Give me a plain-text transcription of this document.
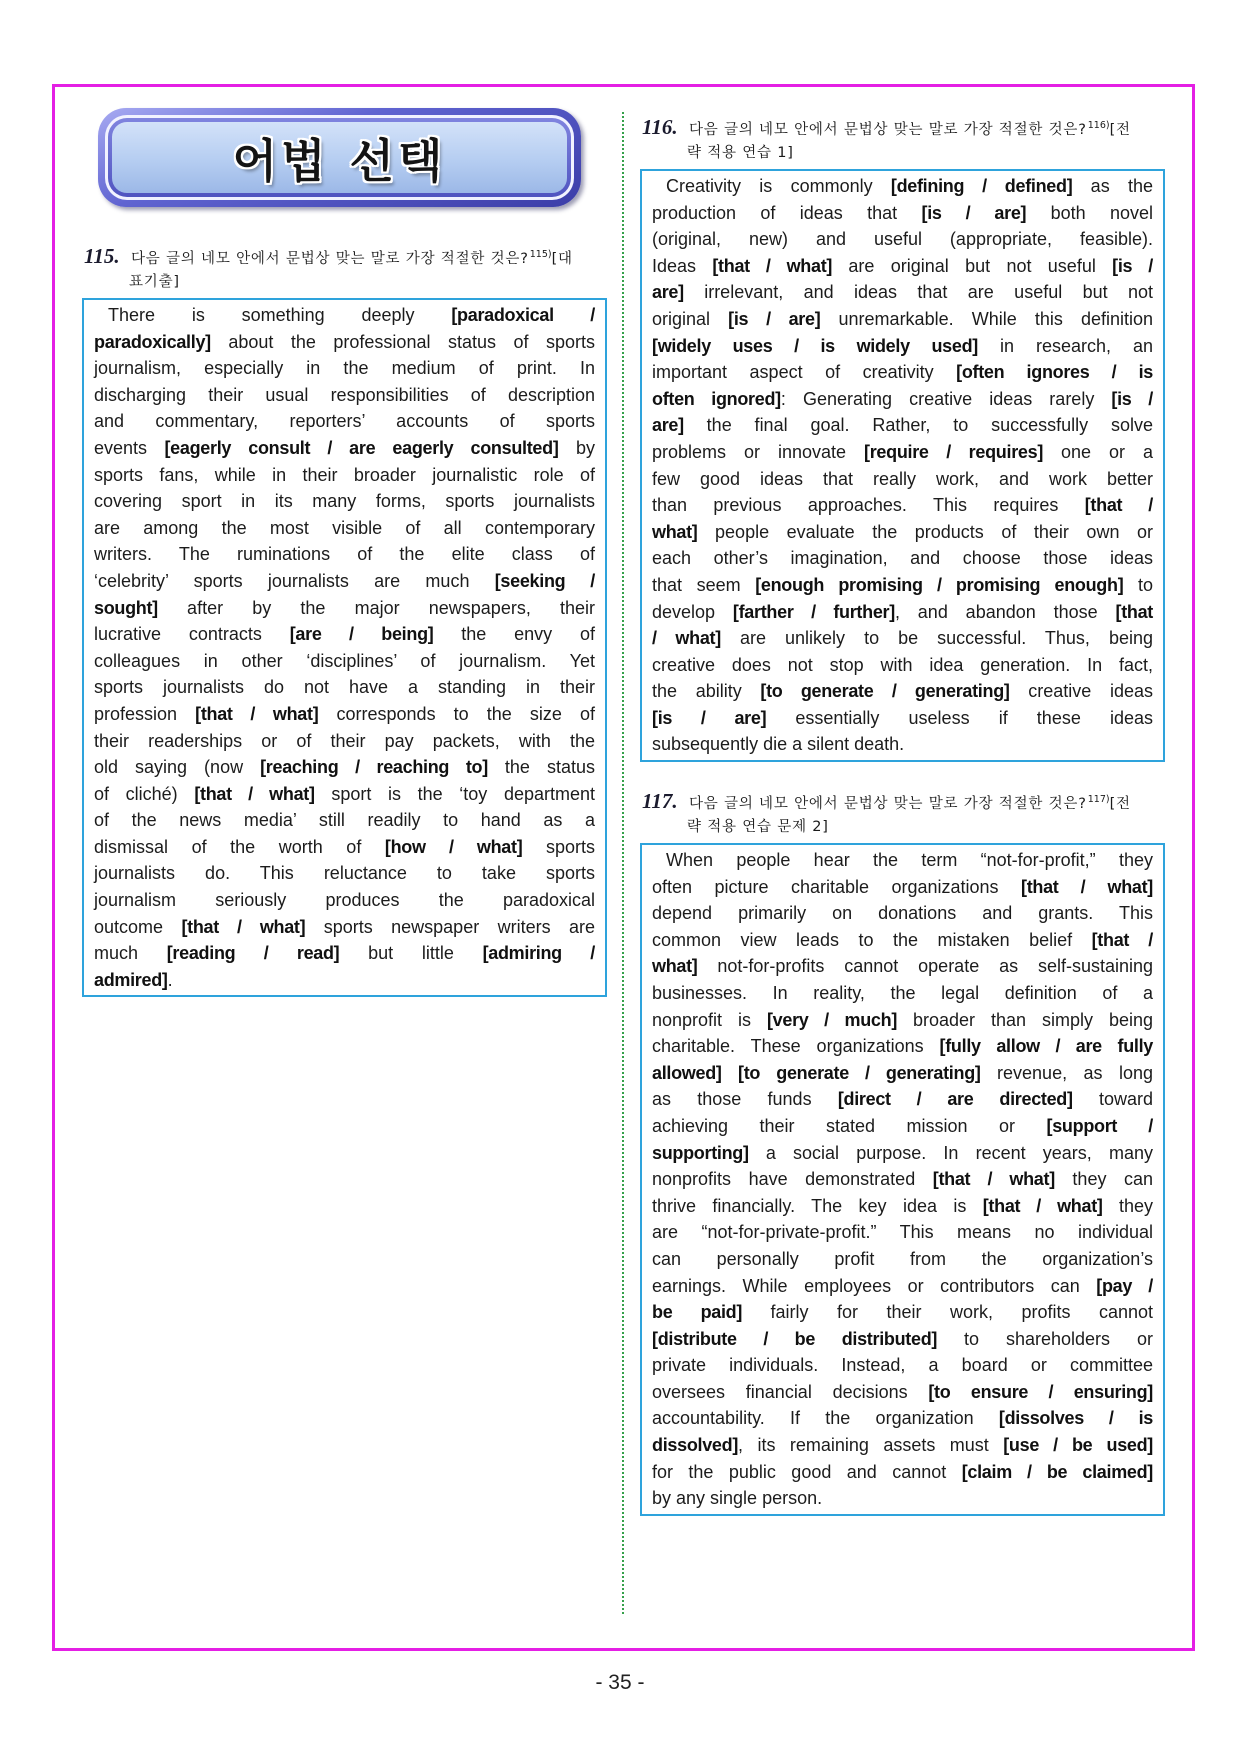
어법 선택
115. 다음 글의 네모 안에서 문법상 맞는 말로 가장 적절한 것은?$^{115)}$[대
표기출]
There is something deeply [paradoxical /
paradoxically] about the professional status of sports
journalism, especially in the medium of print. In
discharging their usual responsibilities of description
and commentary, reporters’ accounts of sports
events [eagerly consult / are eagerly consulted] by
sports fans, while in their broader journalistic role of
covering sport in its many forms, sports journalists
are among the most visible of all contemporary
writers. The ruminations of the elite class of
‘celebrity’ sports journalists are much [seeking /
sought] after by the major newspapers, their
lucrative contracts [are / being] the envy of
colleagues in other ‘disciplines’ of journalism. Yet
sports journalists do not have a standing in their
profession [that / what] corresponds to the size of
their readerships or of their pay packets, with the
old saying (now [reaching / reaching to] the status
of cliché) [that / what] sport is the ‘toy department
of the news media’ still readily to hand as a
dismissal of the worth of [how / what] sports
journalists do. This reluctance to take sports
journalism seriously produces the paradoxical
outcome [that / what] sports newspaper writers are
much [reading / read] but little [admiring /
admired].
116. 다음 글의 네모 안에서 문법상 맞는 말로 가장 적절한 것은?$^{116)}$[전
략 적용 연습 1]
Creativity is commonly [defining / defined] as the
production of ideas that [is / are] both novel
(original, new) and useful (appropriate, feasible).
Ideas [that / what] are original but not useful [is /
are] irrelevant, and ideas that are useful but not
original [is / are] unremarkable. While this definition
[widely uses / is widely used] in research, an
important aspect of creativity [often ignores / is
often ignored]: Generating creative ideas rarely [is /
are] the final goal. Rather, to successfully solve
problems or innovate [require / requires] one or a
few good ideas that really work, and work better
than previous approaches. This requires [that /
what] people evaluate the products of their own or
each other’s imagination, and choose those ideas
that seem [enough promising / promising enough] to
develop [farther / further], and abandon those [that
/ what] are unlikely to be successful. Thus, being
creative does not stop with idea generation. In fact,
the ability [to generate / generating] creative ideas
[is / are] essentially useless if these ideas
subsequently die a silent death.
117. 다음 글의 네모 안에서 문법상 맞는 말로 가장 적절한 것은?$^{117)}$[전
략 적용 연습 문제 2]
When people hear the term “not-for-profit,” they
often picture charitable organizations [that / what]
depend primarily on donations and grants. This
common view leads to the mistaken belief [that /
what] not-for-profits cannot operate as self-sustaining
businesses. In reality, the legal definition of a
nonprofit is [very / much] broader than simply being
charitable. These organizations [fully allow / are fully
allowed] [to generate / generating] revenue, as long
as those funds [direct / are directed] toward
achieving their stated mission or [support /
supporting] a social purpose. In recent years, many
nonprofits have demonstrated [that / what] they can
thrive financially. The key idea is [that / what] they
are “not-for-private-profit.” This means no individual
can personally profit from the organization’s
earnings. While employees or contributors can [pay /
be paid] fairly for their work, profits cannot
[distribute / be distributed] to shareholders or
private individuals. Instead, a board or committee
oversees financial decisions [to ensure / ensuring]
accountability. If the organization [dissolves / is
dissolved], its remaining assets must [use / be used]
for the public good and cannot [claim / be claimed]
by any single person.
- 35 -
